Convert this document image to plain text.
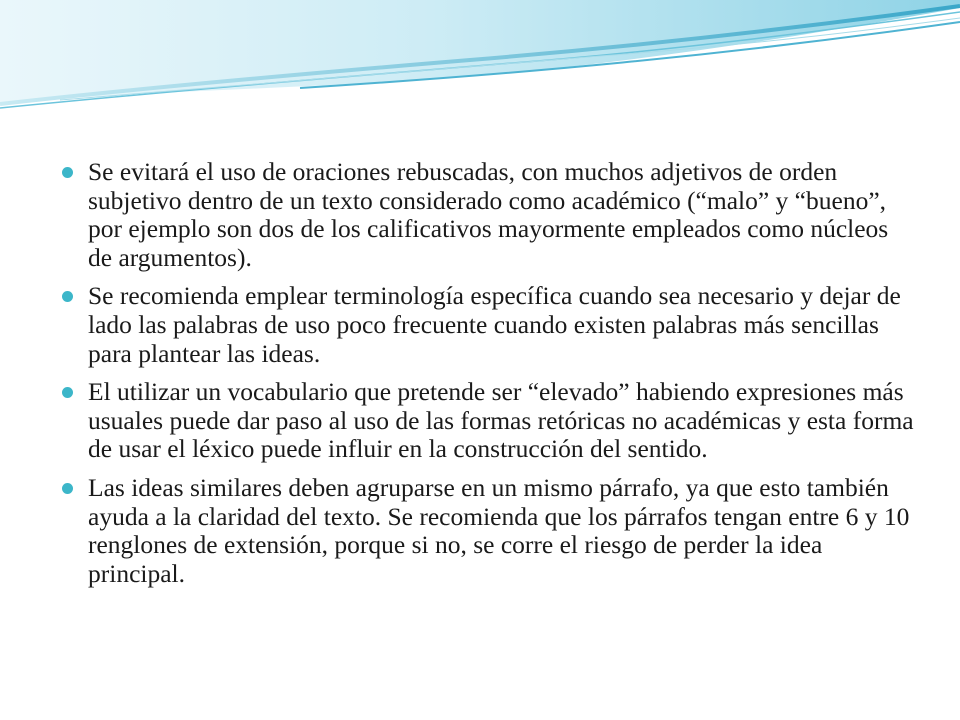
Se evitará el uso de oraciones rebuscadas, con muchos adjetivos de orden subjetivo dentro de un texto considerado como académico (“malo” y “bueno”, por ejemplo son dos de los calificativos mayormente empleados como núcleos de argumentos).
Se recomienda emplear terminología específica cuando sea necesario y dejar de lado las palabras de uso poco frecuente cuando existen palabras más sencillas para plantear las ideas.
El utilizar un vocabulario que pretende ser “elevado” habiendo expresiones más usuales puede dar paso al uso de las formas retóricas no académicas y esta forma de usar el léxico puede influir en la construcción del sentido.
Las ideas similares deben agruparse en un mismo párrafo, ya que esto también ayuda a la claridad del texto. Se recomienda que los párrafos tengan entre 6 y 10 renglones de extensión, porque si no, se corre el riesgo de perder la idea principal.
